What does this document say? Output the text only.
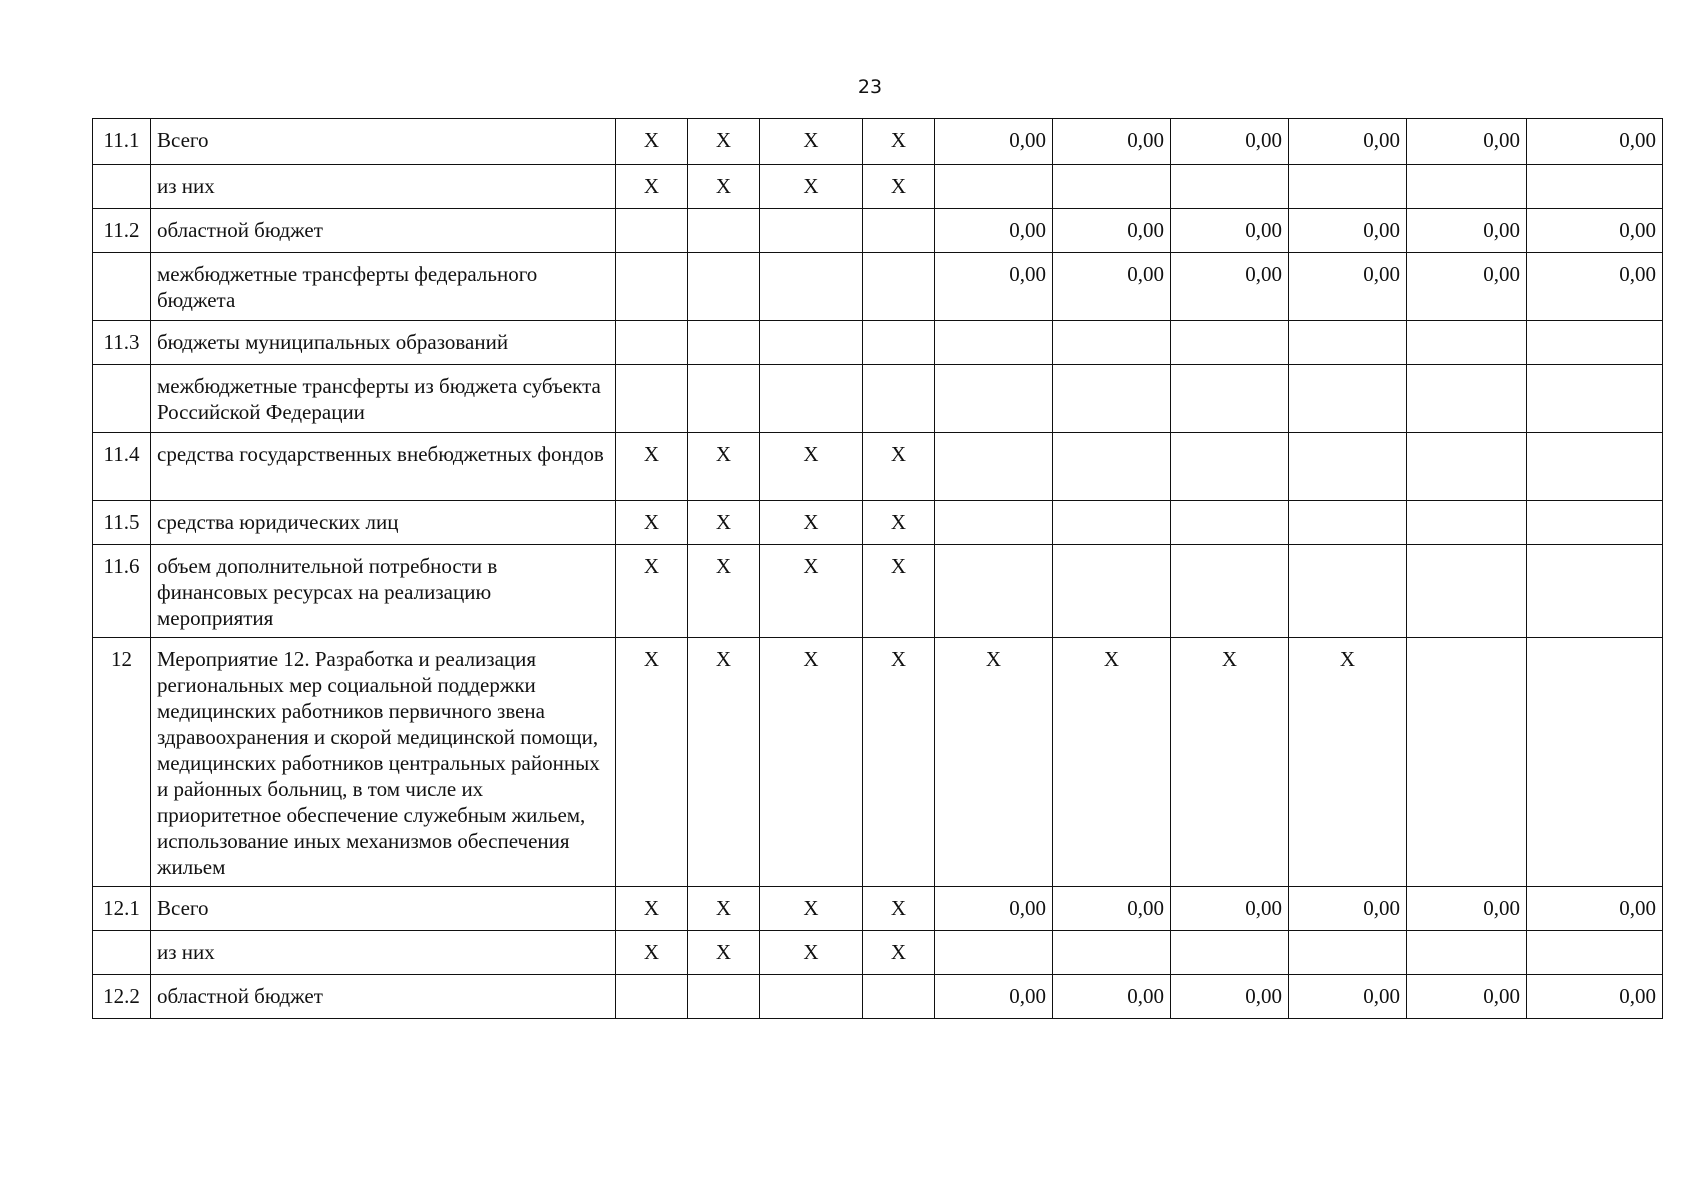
23
11.1	Всего	X	X	X	X	0,00	0,00	0,00	0,00	0,00	0,00
	из них	X	X	X	X						
11.2	областной бюджет					0,00	0,00	0,00	0,00	0,00	0,00
	межбюджетные трансферты федерального бюджета					0,00	0,00	0,00	0,00	0,00	0,00
11.3	бюджеты муниципальных образований										
	межбюджетные трансферты из бюджета субъекта Российской Федерации										
11.4	средства государственных внебюджетных фондов	X	X	X	X						
11.5	средства юридических лиц	X	X	X	X						
11.6	объем дополнительной потребности в финансовых ресурсах на реализацию мероприятия	X	X	X	X						
12	Мероприятие 12. Разработка и реализация региональных мер социальной поддержки медицинских работников первичного звена здравоохранения и скорой медицинской помощи, медицинских работников центральных районных и районных больниц, в том числе их приоритетное обеспечение служебным жильем, использование иных механизмов обеспечения жильем	X	X	X	X	X	X	X	X		
12.1	Всего	X	X	X	X	0,00	0,00	0,00	0,00	0,00	0,00
	из них	X	X	X	X						
12.2	областной бюджет					0,00	0,00	0,00	0,00	0,00	0,00
